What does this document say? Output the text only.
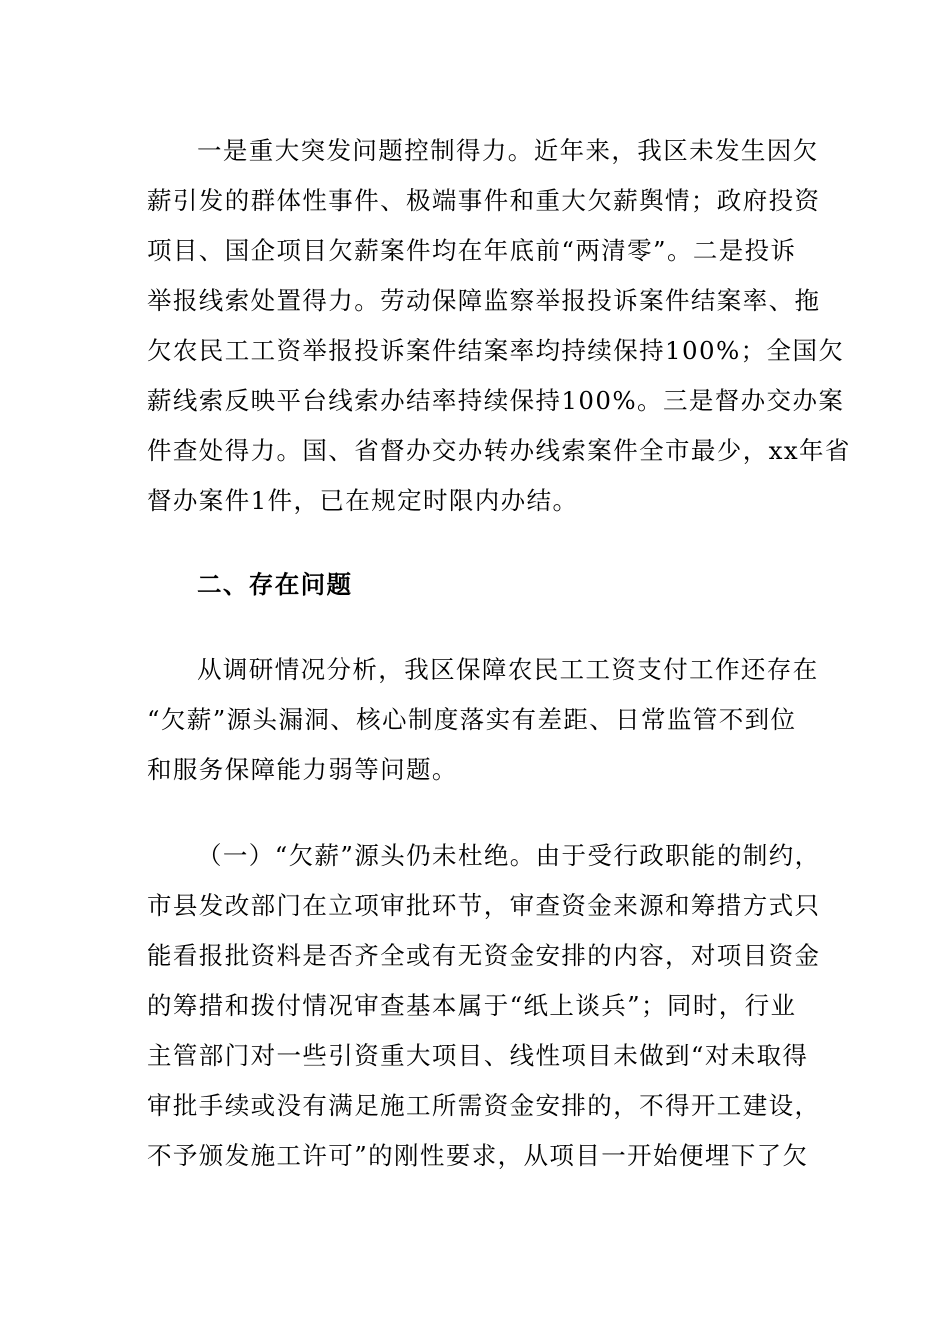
一是重大突发问题控制得力。近年来，我区未发生因欠
薪引发的群体性事件、极端事件和重大欠薪舆情；政府投资
项目、国企项目欠薪案件均在年底前“两清零”。二是投诉
举报线索处置得力。劳动保障监察举报投诉案件结案率、拖
欠农民工工资举报投诉案件结案率均持续保持100%；全国欠
薪线索反映平台线索办结率持续保持100%。三是督办交办案
件查处得力。国、省督办交办转办线索案件全市最少，xx年省
督办案件1件，已在规定时限内办结。
二、存在问题
从调研情况分析，我区保障农民工工资支付工作还存在
“欠薪”源头漏洞、核心制度落实有差距、日常监管不到位
和服务保障能力弱等问题。
（一）“欠薪”源头仍未杜绝。由于受行政职能的制约，
市县发改部门在立项审批环节，审查资金来源和筹措方式只
能看报批资料是否齐全或有无资金安排的内容，对项目资金
的筹措和拨付情况审查基本属于“纸上谈兵”；同时，行业
主管部门对一些引资重大项目、线性项目未做到“对未取得
审批手续或没有满足施工所需资金安排的，不得开工建设，
不予颁发施工许可”的刚性要求，从项目一开始便埋下了欠
